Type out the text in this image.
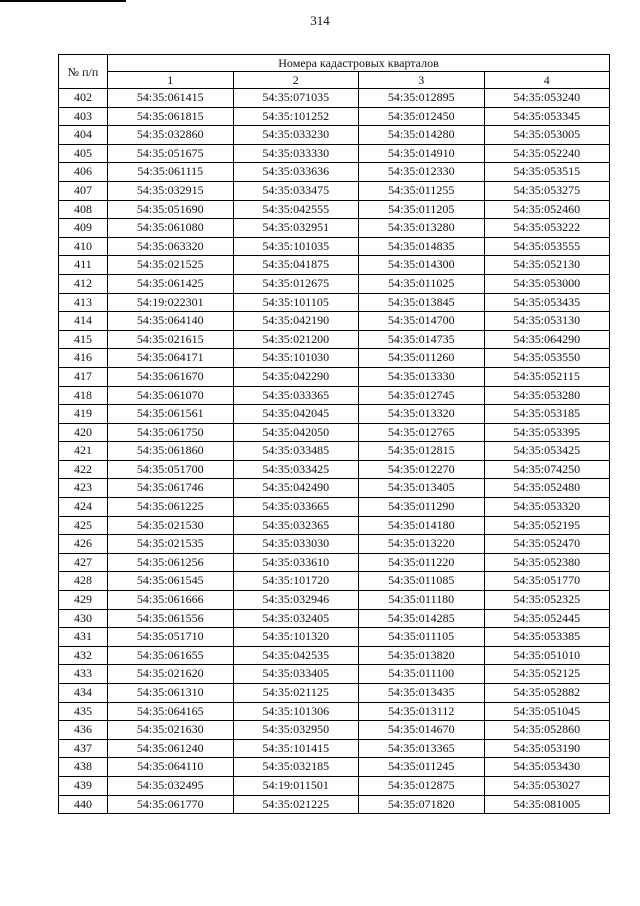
314
№ п/п	Номера кадастровых кварталов			
	1	2	3	4
402	54:35:061415	54:35:071035	54:35:012895	54:35:053240
403	54:35:061815	54:35:101252	54:35:012450	54:35:053345
404	54:35:032860	54:35:033230	54:35:014280	54:35:053005
405	54:35:051675	54:35:033330	54:35:014910	54:35:052240
406	54:35:061115	54:35:033636	54:35:012330	54:35:053515
407	54:35:032915	54:35:033475	54:35:011255	54:35:053275
408	54:35:051690	54:35:042555	54:35:011205	54:35:052460
409	54:35:061080	54:35:032951	54:35:013280	54:35:053222
410	54:35:063320	54:35:101035	54:35:014835	54:35:053555
411	54:35:021525	54:35:041875	54:35:014300	54:35:052130
412	54:35:061425	54:35:012675	54:35:011025	54:35:053000
413	54:19:022301	54:35:101105	54:35:013845	54:35:053435
414	54:35:064140	54:35:042190	54:35:014700	54:35:053130
415	54:35:021615	54:35:021200	54:35:014735	54:35:064290
416	54:35:064171	54:35:101030	54:35:011260	54:35:053550
417	54:35:061670	54:35:042290	54:35:013330	54:35:052115
418	54:35:061070	54:35:033365	54:35:012745	54:35:053280
419	54:35:061561	54:35:042045	54:35:013320	54:35:053185
420	54:35:061750	54:35:042050	54:35:012765	54:35:053395
421	54:35:061860	54:35:033485	54:35:012815	54:35:053425
422	54:35:051700	54:35:033425	54:35:012270	54:35:074250
423	54:35:061746	54:35:042490	54:35:013405	54:35:052480
424	54:35:061225	54:35:033665	54:35:011290	54:35:053320
425	54:35:021530	54:35:032365	54:35:014180	54:35:052195
426	54:35:021535	54:35:033030	54:35:013220	54:35:052470
427	54:35:061256	54:35:033610	54:35:011220	54:35:052380
428	54:35:061545	54:35:101720	54:35:011085	54:35:051770
429	54:35:061666	54:35:032946	54:35:011180	54:35:052325
430	54:35:061556	54:35:032405	54:35:014285	54:35:052445
431	54:35:051710	54:35:101320	54:35:011105	54:35:053385
432	54:35:061655	54:35:042535	54:35:013820	54:35:051010
433	54:35:021620	54:35:033405	54:35:011100	54:35:052125
434	54:35:061310	54:35:021125	54:35:013435	54:35:052882
435	54:35:064165	54:35:101306	54:35:013112	54:35:051045
436	54:35:021630	54:35:032950	54:35:014670	54:35:052860
437	54:35:061240	54:35:101415	54:35:013365	54:35:053190
438	54:35:064110	54:35:032185	54:35:011245	54:35:053430
439	54:35:032495	54:19:011501	54:35:012875	54:35:053027
440	54:35:061770	54:35:021225	54:35:071820	54:35:081005
